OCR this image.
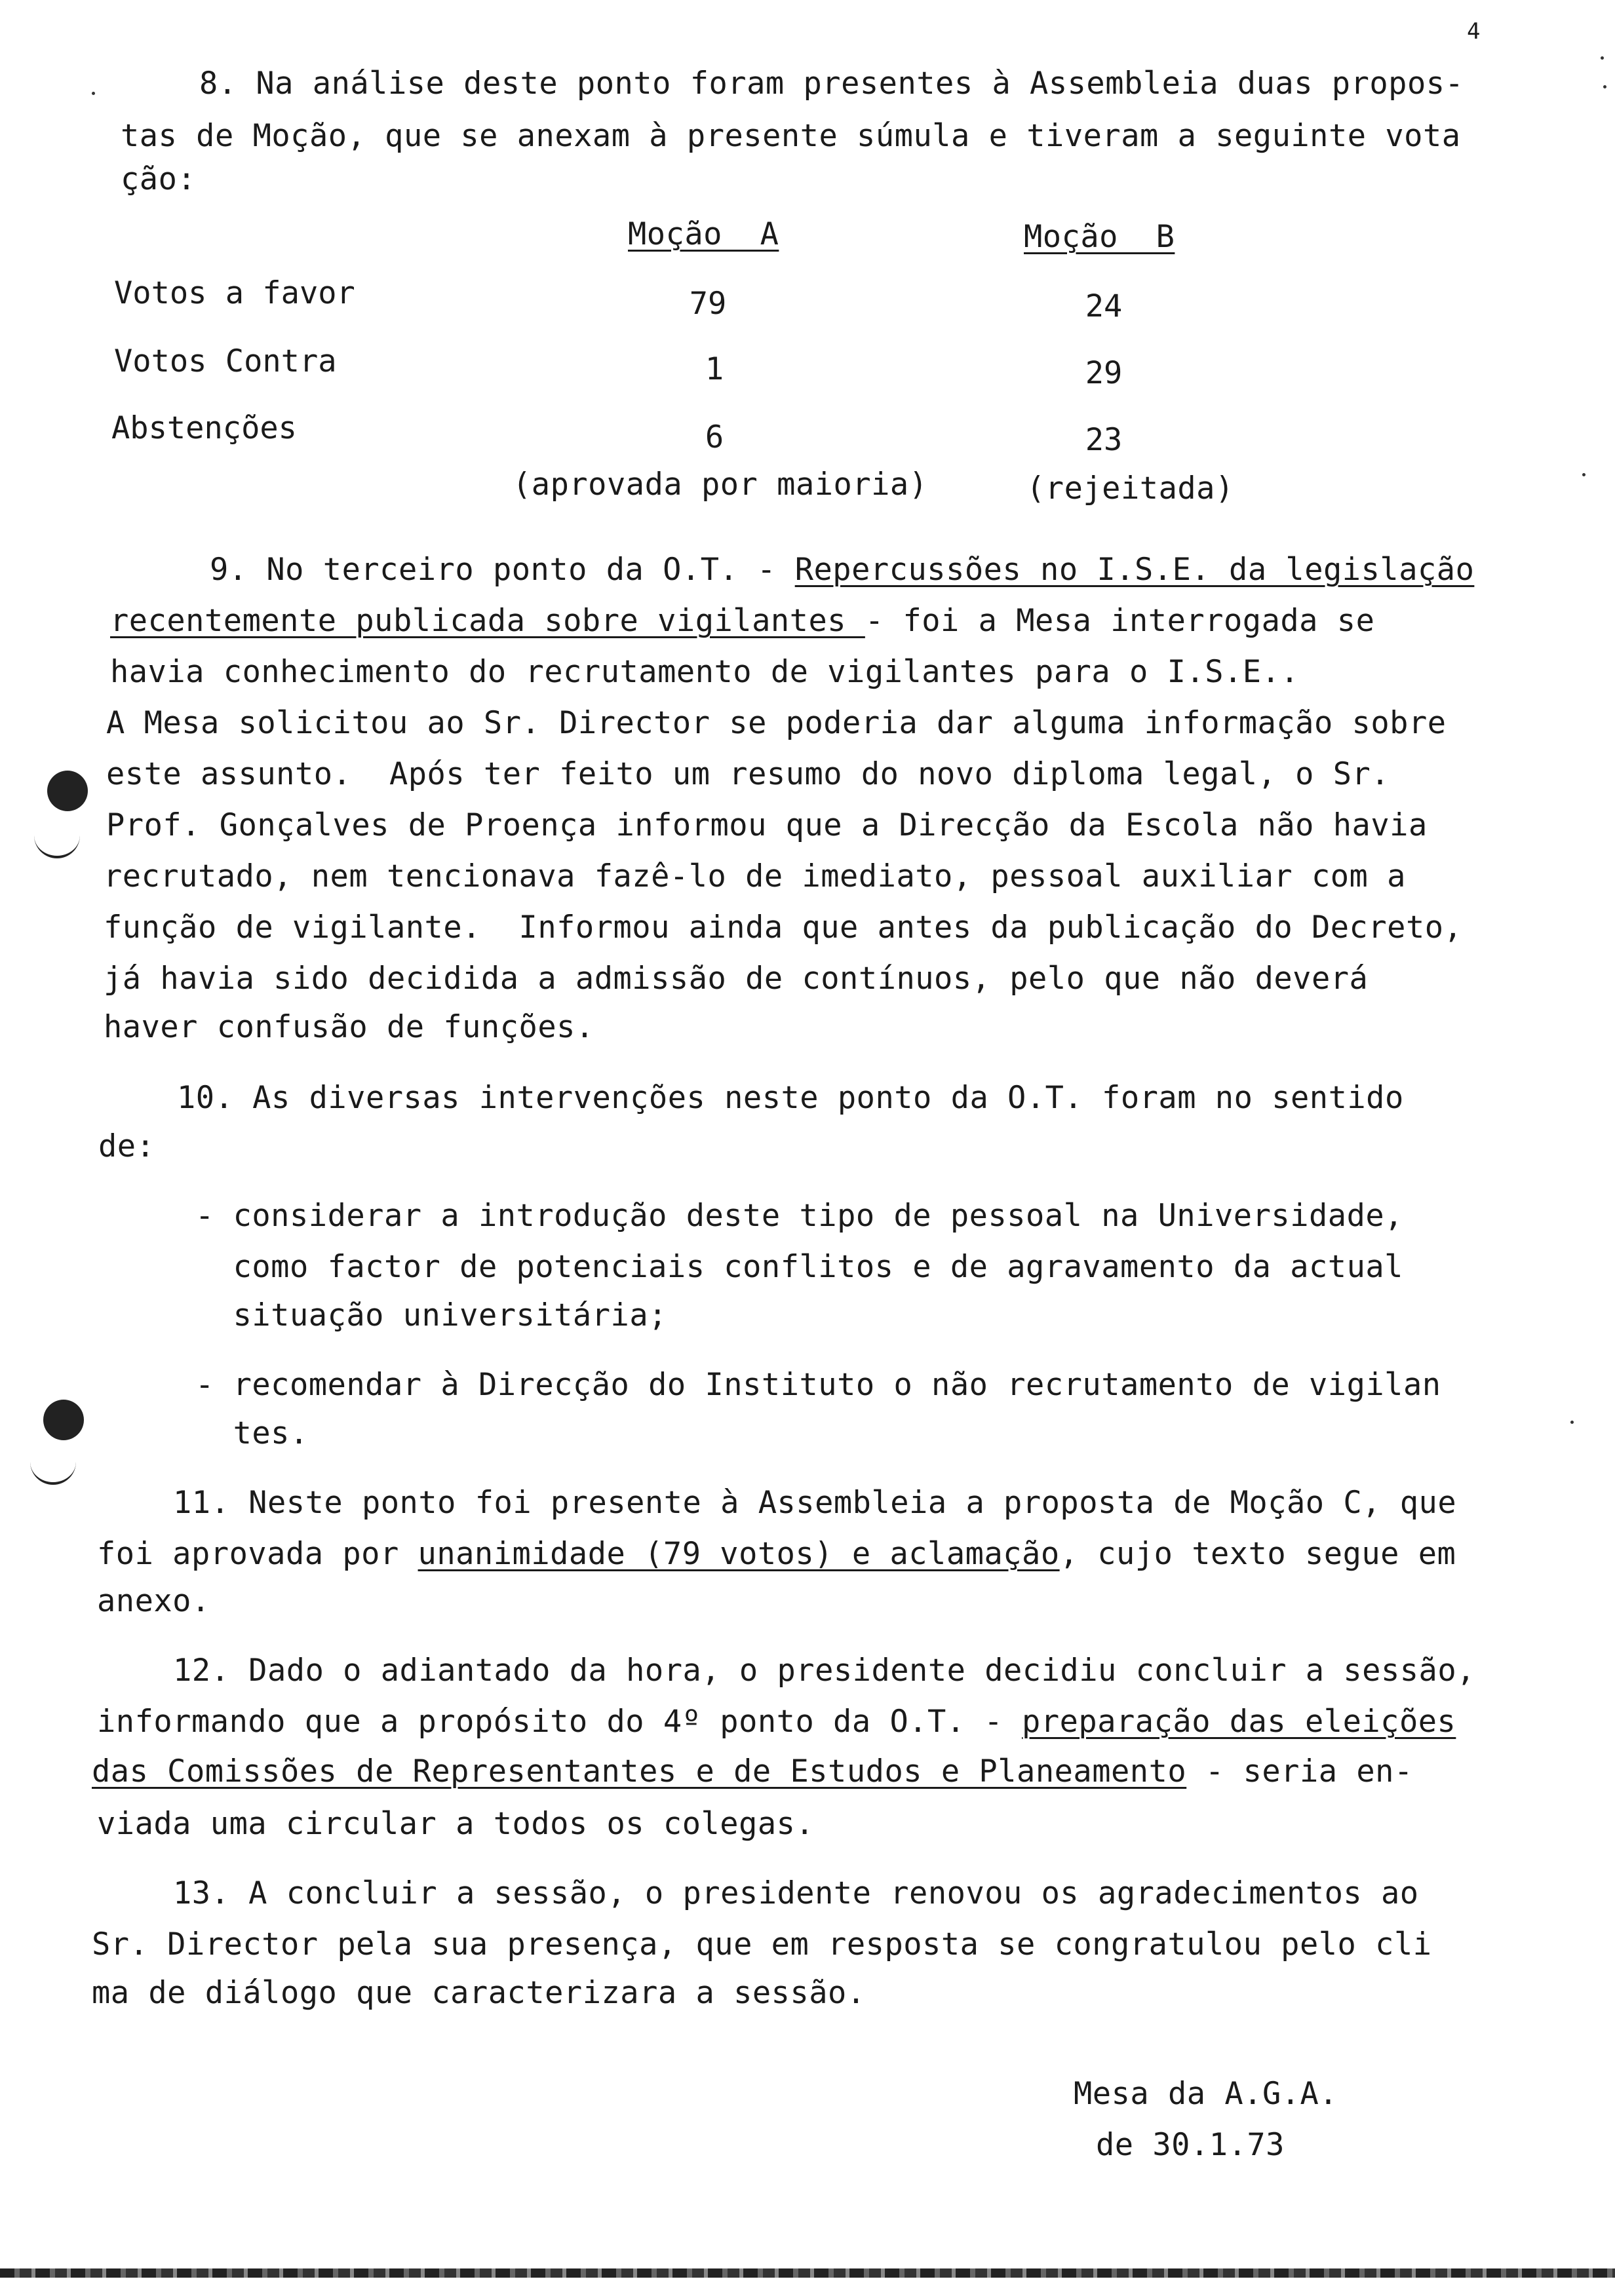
4
8. Na análise deste ponto foram presentes à Assembleia duas propos-
tas de Moção, que se anexam à presente súmula e tiveram a seguinte vota
ção:
Moção  A	Moção  B
Votos a favor	79	24
Votos Contra	1	29
Abstenções	6	23
(aprovada por maioria)	(rejeitada)
9. No terceiro ponto da O.T. - Repercussões no I.S.E. da legislação
recentemente publicada sobre vigilantes - foi a Mesa interrogada se
havia conhecimento do recrutamento de vigilantes para o I.S.E..
A Mesa solicitou ao Sr. Director se poderia dar alguma informação sobre
este assunto.  Após ter feito um resumo do novo diploma legal, o Sr.
Prof. Gonçalves de Proença informou que a Direcção da Escola não havia
recrutado, nem tencionava fazê-lo de imediato, pessoal auxiliar com a
função de vigilante.  Informou ainda que antes da publicação do Decreto,
já havia sido decidida a admissão de contínuos, pelo que não deverá
haver confusão de funções.
10. As diversas intervenções neste ponto da O.T. foram no sentido
de:
- considerar a introdução deste tipo de pessoal na Universidade,
como factor de potenciais conflitos e de agravamento da actual
situação universitária;
- recomendar à Direcção do Instituto o não recrutamento de vigilan
tes.
11. Neste ponto foi presente à Assembleia a proposta de Moção C, que
foi aprovada por unanimidade (79 votos) e aclamação, cujo texto segue em
anexo.
12. Dado o adiantado da hora, o presidente decidiu concluir a sessão,
informando que a propósito do 4º ponto da O.T. - preparação das eleições
das Comissões de Representantes e de Estudos e Planeamento - seria en-
viada uma circular a todos os colegas.
13. A concluir a sessão, o presidente renovou os agradecimentos ao
Sr. Director pela sua presença, que em resposta se congratulou pelo cli
ma de diálogo que caracterizara a sessão.
Mesa da A.G.A.
de 30.1.73
